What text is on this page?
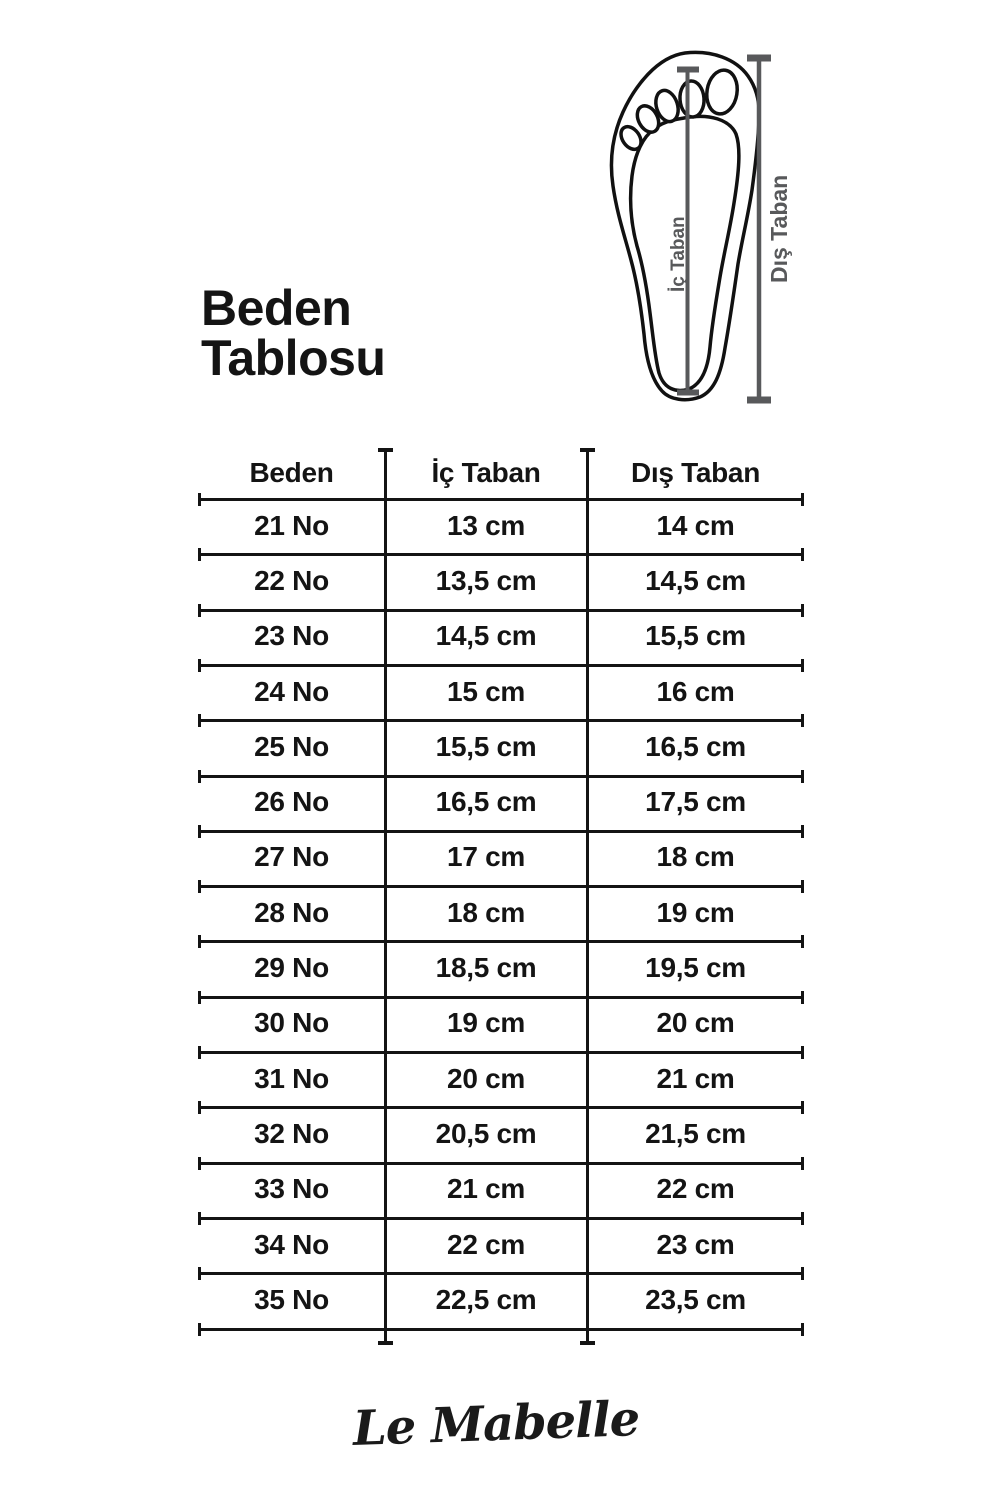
Beden
Tablosu
İç Taban	Dış Taban
Beden	İç Taban	Dış Taban
21 No	13 cm	14 cm
22 No	13,5 cm	14,5 cm
23 No	14,5 cm	15,5 cm
24 No	15 cm	16 cm
25 No	15,5 cm	16,5 cm
26 No	16,5 cm	17,5 cm
27 No	17 cm	18 cm
28 No	18 cm	19 cm
29 No	18,5 cm	19,5 cm
30 No	19 cm	20 cm
31 No	20 cm	21 cm
32 No	20,5 cm	21,5 cm
33 No	21 cm	22 cm
34 No	22 cm	23 cm
35 No	22,5 cm	23,5 cm
Le Mabelle
